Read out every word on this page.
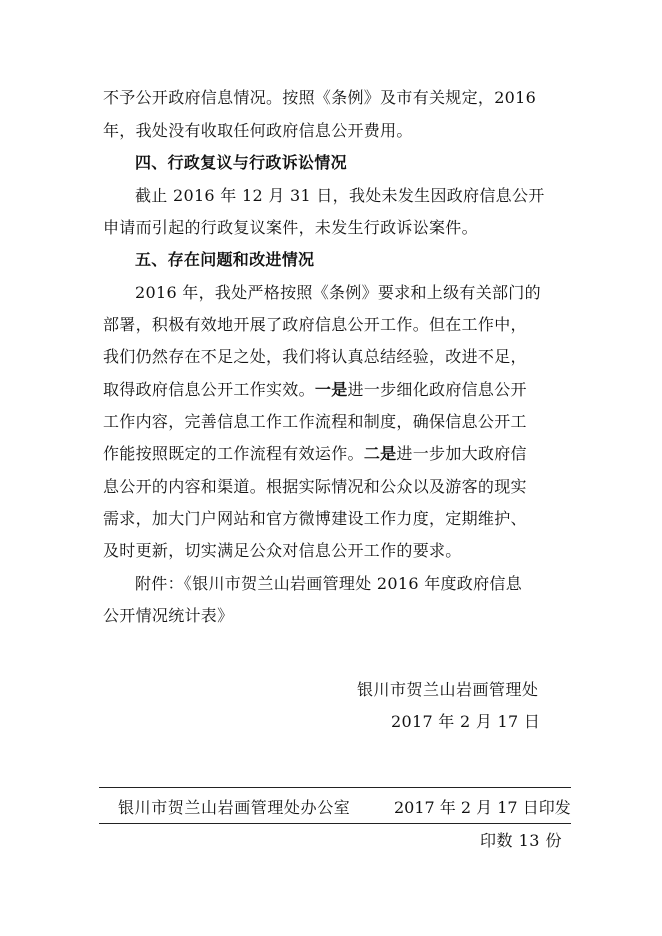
不予公开政府信息情况。按照《条例》及市有关规定，2016
年，我处没有收取任何政府信息公开费用。
四、行政复议与行政诉讼情况
截止 2016 年 12 月 31 日，我处未发生因政府信息公开
申请而引起的行政复议案件，未发生行政诉讼案件。
五、存在问题和改进情况
2016 年，我处严格按照《条例》要求和上级有关部门的
部署，积极有效地开展了政府信息公开工作。但在工作中，
我们仍然存在不足之处，我们将认真总结经验，改进不足，
取得政府信息公开工作实效。一是进一步细化政府信息公开
工作内容，完善信息工作工作流程和制度，确保信息公开工
作能按照既定的工作流程有效运作。二是进一步加大政府信
息公开的内容和渠道。根据实际情况和公众以及游客的现实
需求，加大门户网站和官方微博建设工作力度，定期维护、
及时更新，切实满足公众对信息公开工作的要求。
附件：《银川市贺兰山岩画管理处 2016 年度政府信息
公开情况统计表》
银川市贺兰山岩画管理处
2017 年 2 月 17 日
银川市贺兰山岩画管理处办公室	2017 年 2 月 17 日印发
印数 13 份
